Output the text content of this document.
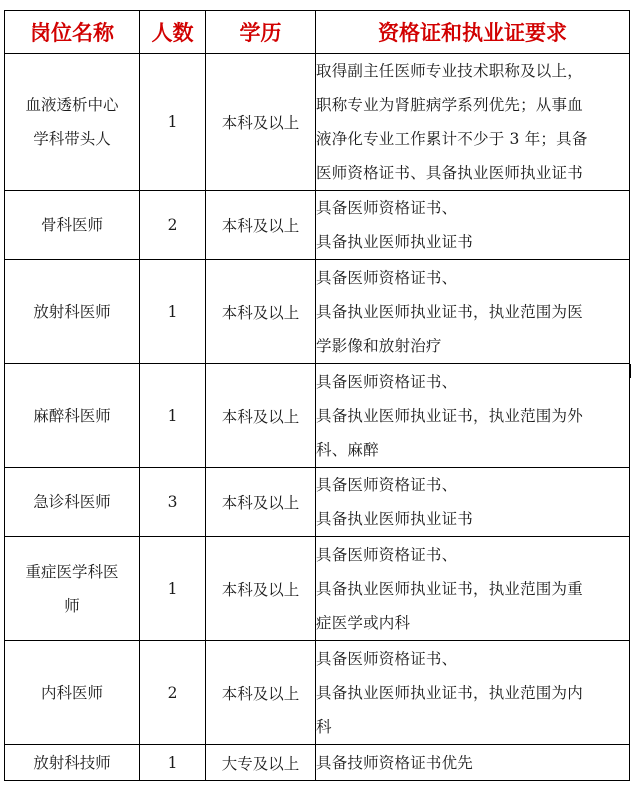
岗位名称	人数	学历	资格证和执业证要求

血液透析中心
学科带头人	1	本科及以上	取得副主任医师专业技术职称及以上，
职称专业为肾脏病学系列优先；从事血
液净化专业工作累计不少于 3 年；具备
医师资格证书、具备执业医师执业证书

骨科医师	2	本科及以上	具备医师资格证书、
具备执业医师执业证书

放射科医师	1	本科及以上	具备医师资格证书、
具备执业医师执业证书，执业范围为医
学影像和放射治疗

麻醉科医师	1	本科及以上	具备医师资格证书、
具备执业医师执业证书，执业范围为外
科、麻醉

急诊科医师	3	本科及以上	具备医师资格证书、
具备执业医师执业证书

重症医学科医
师	1	本科及以上	具备医师资格证书、
具备执业医师执业证书，执业范围为重
症医学或内科

内科医师	2	本科及以上	具备医师资格证书、
具备执业医师执业证书，执业范围为内
科

放射科技师	1	大专及以上	具备技师资格证书优先
